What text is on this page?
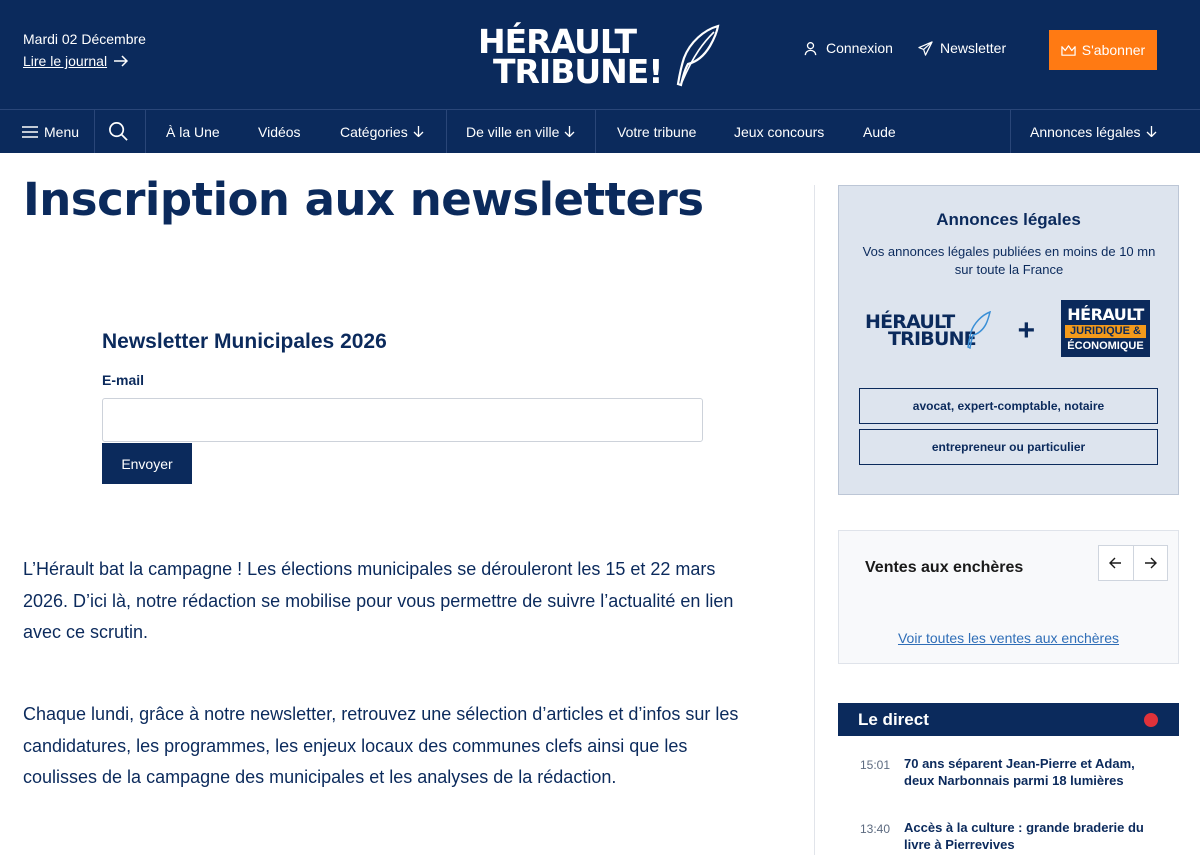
Mardi 02 Décembre
Lire le journal	HÉRAULT
TRIBUNE!
Connexion	Newsletter	S'abonner
Menu	À la Une	Vidéos	Catégories	De ville en ville	Votre tribune	Jeux concours	Aude	Annonces légales
Inscription aux newsletters
Newsletter Municipales 2026
E-mail
Envoyer

L’Hérault bat la campagne ! Les élections municipales se dérouleront les 15 et 22 mars 2026. D’ici là, notre rédaction se mobilise pour vous permettre de suivre l’actualité en lien avec ce scrutin.

Chaque lundi, grâce à notre newsletter, retrouvez une sélection d’articles et d’infos sur les candidatures, les programmes, les enjeux locaux des communes clefs ainsi que les coulisses de la campagne des municipales et les analyses de la rédaction.

Annonces légales
Vos annonces légales publiées en moins de 10 mn sur toute la France
HÉRAULT
TRIBUNE +	HÉRAULT
JURIDIQUE &
ÉCONOMIQUE
avocat, expert-comptable, notaire
entrepreneur ou particulier
Ventes aux enchères
Voir toutes les ventes aux enchères
Le direct
15:01 70 ans séparent Jean-Pierre et Adam, deux Narbonnais parmi 18 lumières
13:40 Accès à la culture : grande braderie du livre à Pierrevives
